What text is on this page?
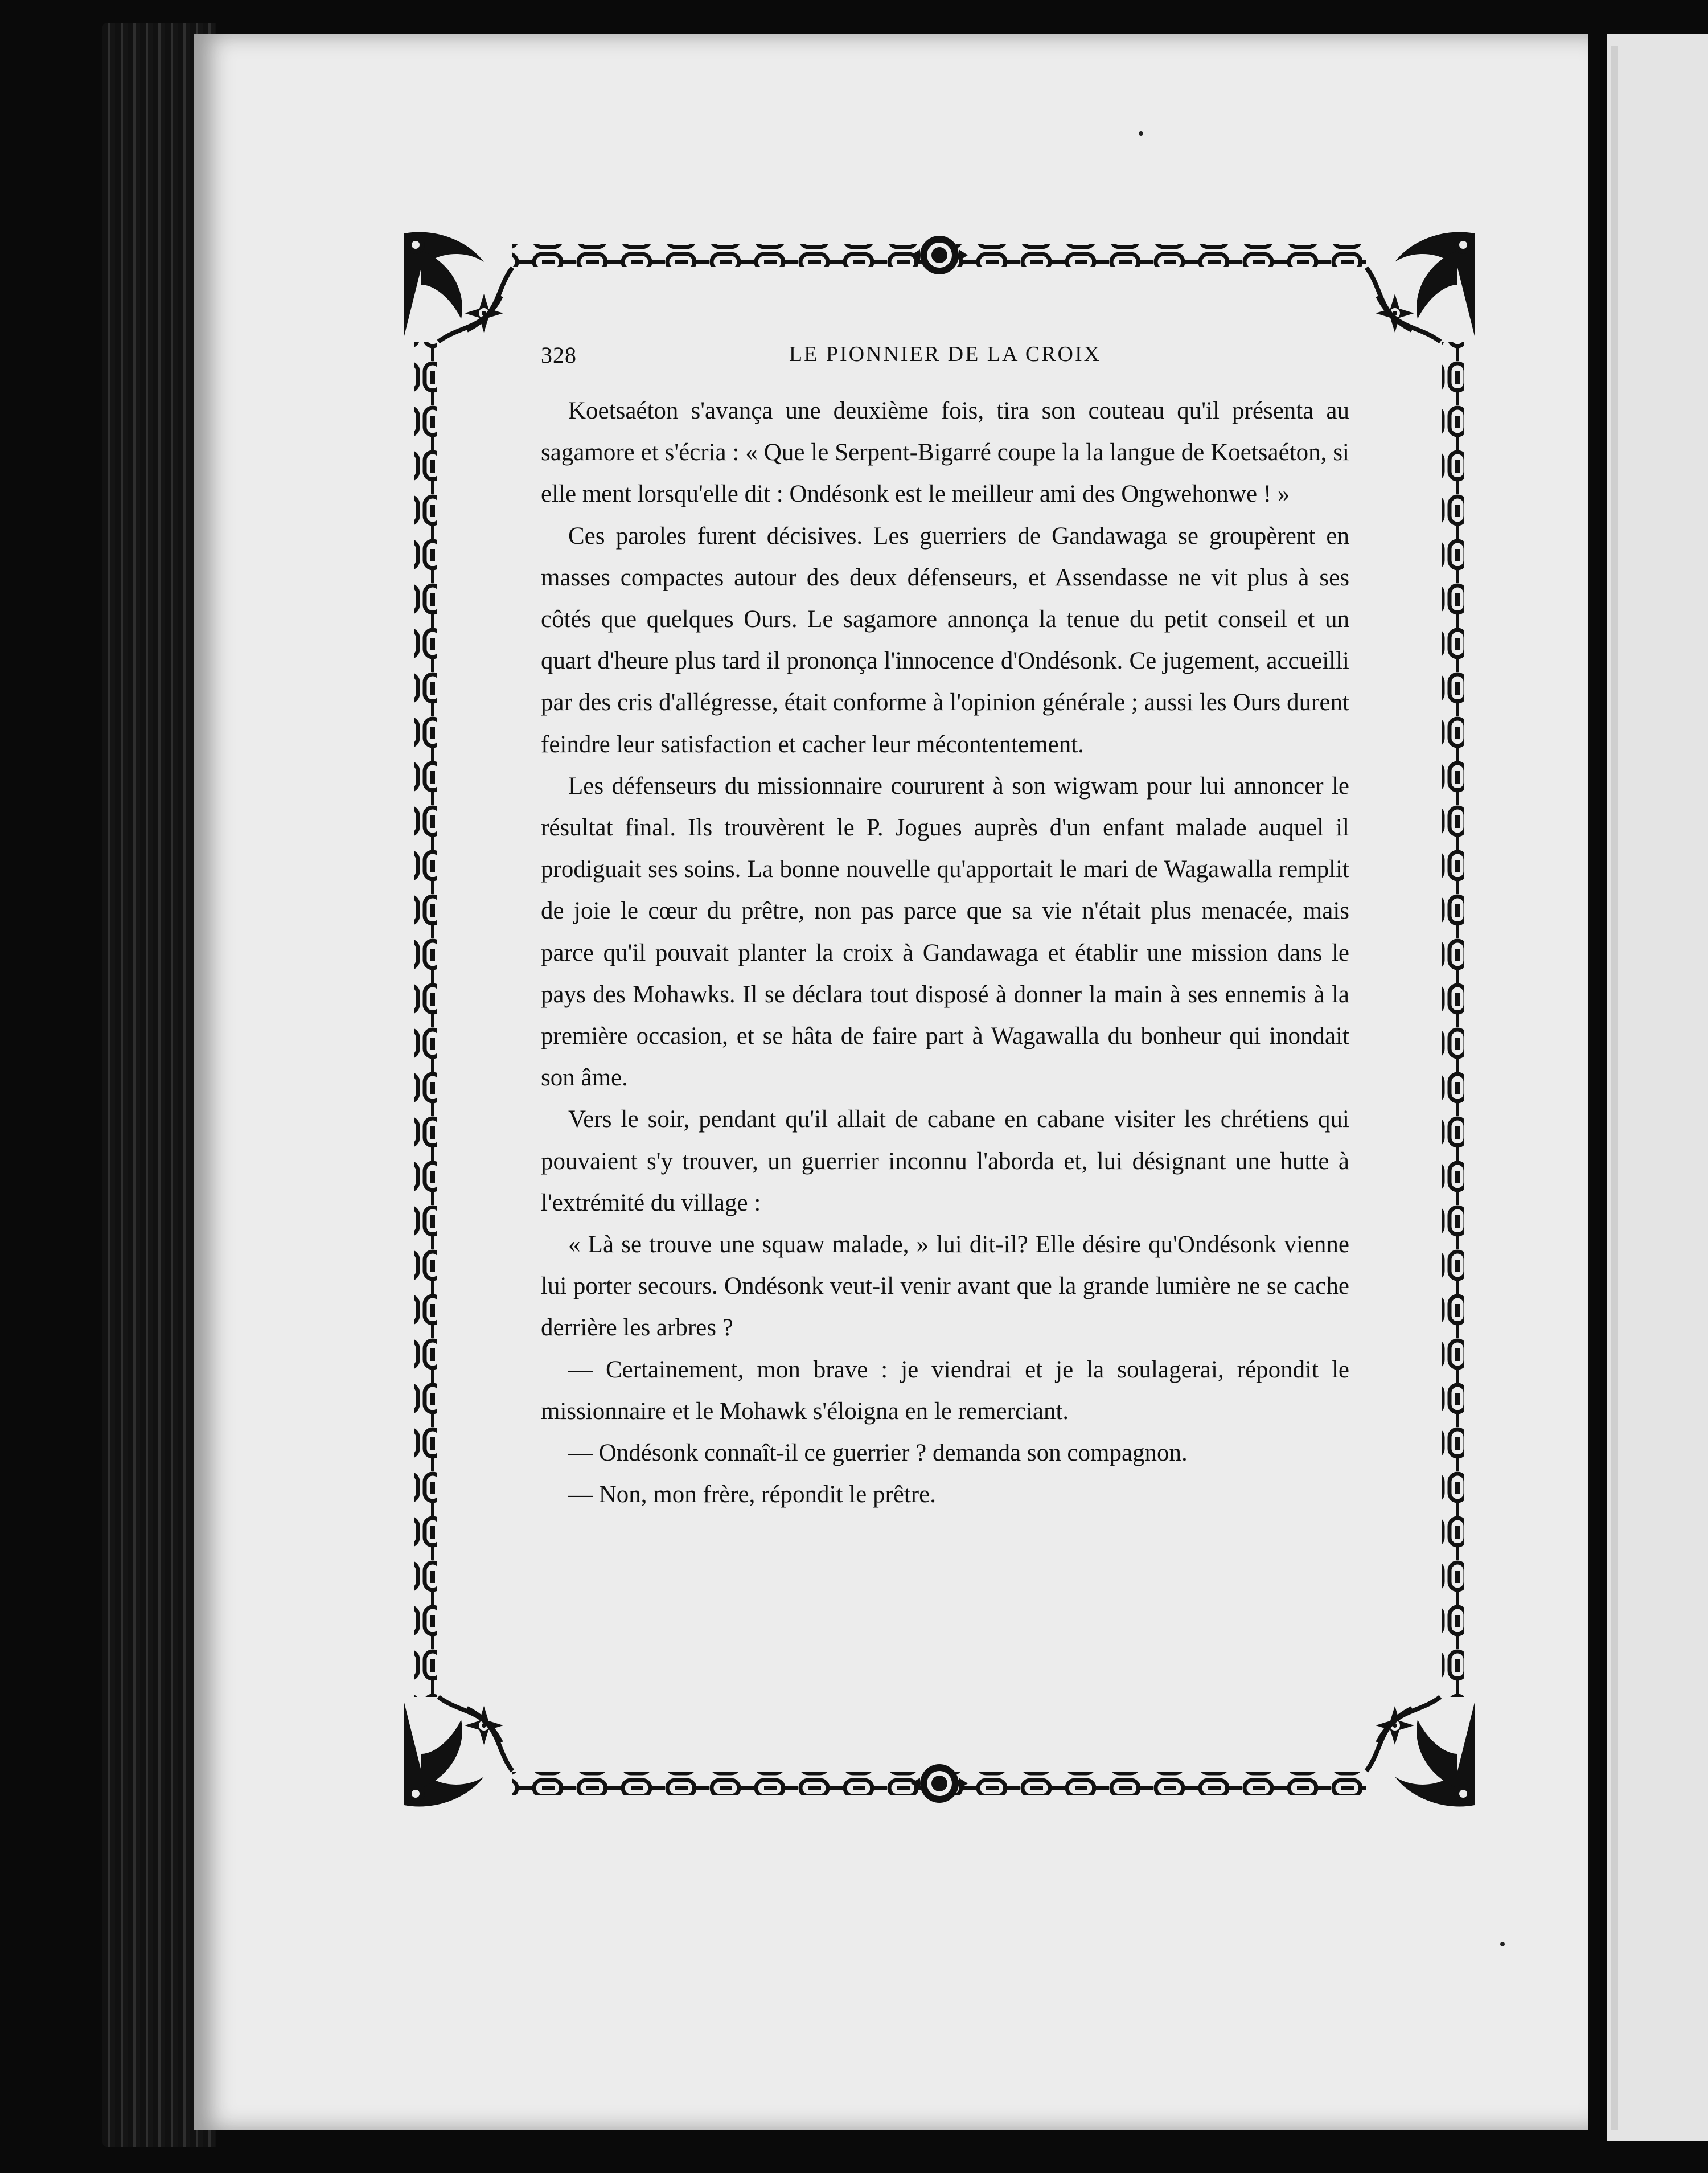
328	LE PIONNIER DE LA CROIX

Koetsaéton s'avança une deuxième fois, tira son couteau qu'il présenta au sagamore et s'écria : « Que le Serpent-Bigarré coupe la la langue de Koetsaéton, si elle ment lorsqu'elle dit : Ondésonk est le meilleur ami des Ongwehonwe ! »

Ces paroles furent décisives. Les guerriers de Gandawaga se groupèrent en masses compactes autour des deux défenseurs, et Assendasse ne vit plus à ses côtés que quelques Ours. Le sagamore annonça la tenue du petit conseil et un quart d'heure plus tard il prononça l'innocence d'Ondésonk. Ce jugement, accueilli par des cris d'allégresse, était conforme à l'opinion générale ; aussi les Ours durent feindre leur satisfaction et cacher leur mécontentement.

Les défenseurs du missionnaire coururent à son wigwam pour lui annoncer le résultat final. Ils trouvèrent le P. Jogues auprès d'un enfant malade auquel il prodiguait ses soins. La bonne nouvelle qu'apportait le mari de Wagawalla remplit de joie le cœur du prêtre, non pas parce que sa vie n'était plus menacée, mais parce qu'il pouvait planter la croix à Gandawaga et établir une mission dans le pays des Mohawks. Il se déclara tout disposé à donner la main à ses ennemis à la première occasion, et se hâta de faire part à Wagawalla du bonheur qui inondait son âme.

Vers le soir, pendant qu'il allait de cabane en cabane visiter les chrétiens qui pouvaient s'y trouver, un guerrier inconnu l'aborda et, lui désignant une hutte à l'extrémité du village :

« Là se trouve une squaw malade, » lui dit-il? Elle désire qu'Ondésonk vienne lui porter secours. Ondésonk veut-il venir avant que la grande lumière ne se cache derrière les arbres ?

— Certainement, mon brave : je viendrai et je la soulagerai, répondit le missionnaire et le Mohawk s'éloigna en le remerciant.

— Ondésonk connaît-il ce guerrier ? demanda son compagnon.

— Non, mon frère, répondit le prêtre.
